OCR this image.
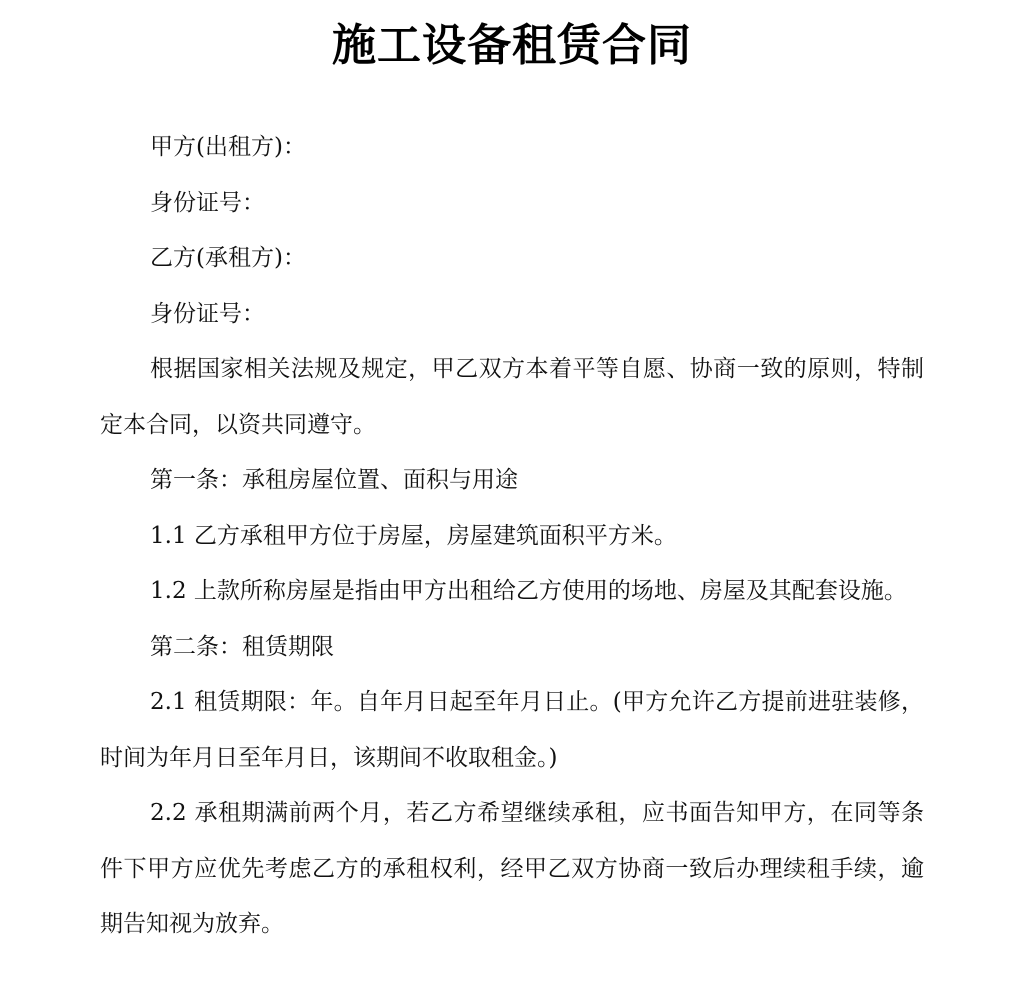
施工设备租赁合同

甲方(出租方)：

身份证号：

乙方(承租方)：

身份证号：

根据国家相关法规及规定，甲乙双方本着平等自愿、协商一致的原则，特制定本合同，以资共同遵守。

第一条：承租房屋位置、面积与用途

1.1 乙方承租甲方位于房屋，房屋建筑面积平方米。

1.2 上款所称房屋是指由甲方出租给乙方使用的场地、房屋及其配套设施。

第二条：租赁期限

2.1 租赁期限：年。自年月日起至年月日止。(甲方允许乙方提前进驻装修，时间为年月日至年月日，该期间不收取租金。)

2.2 承租期满前两个月，若乙方希望继续承租，应书面告知甲方，在同等条件下甲方应优先考虑乙方的承租权利，经甲乙双方协商一致后办理续租手续，逾期告知视为放弃。
